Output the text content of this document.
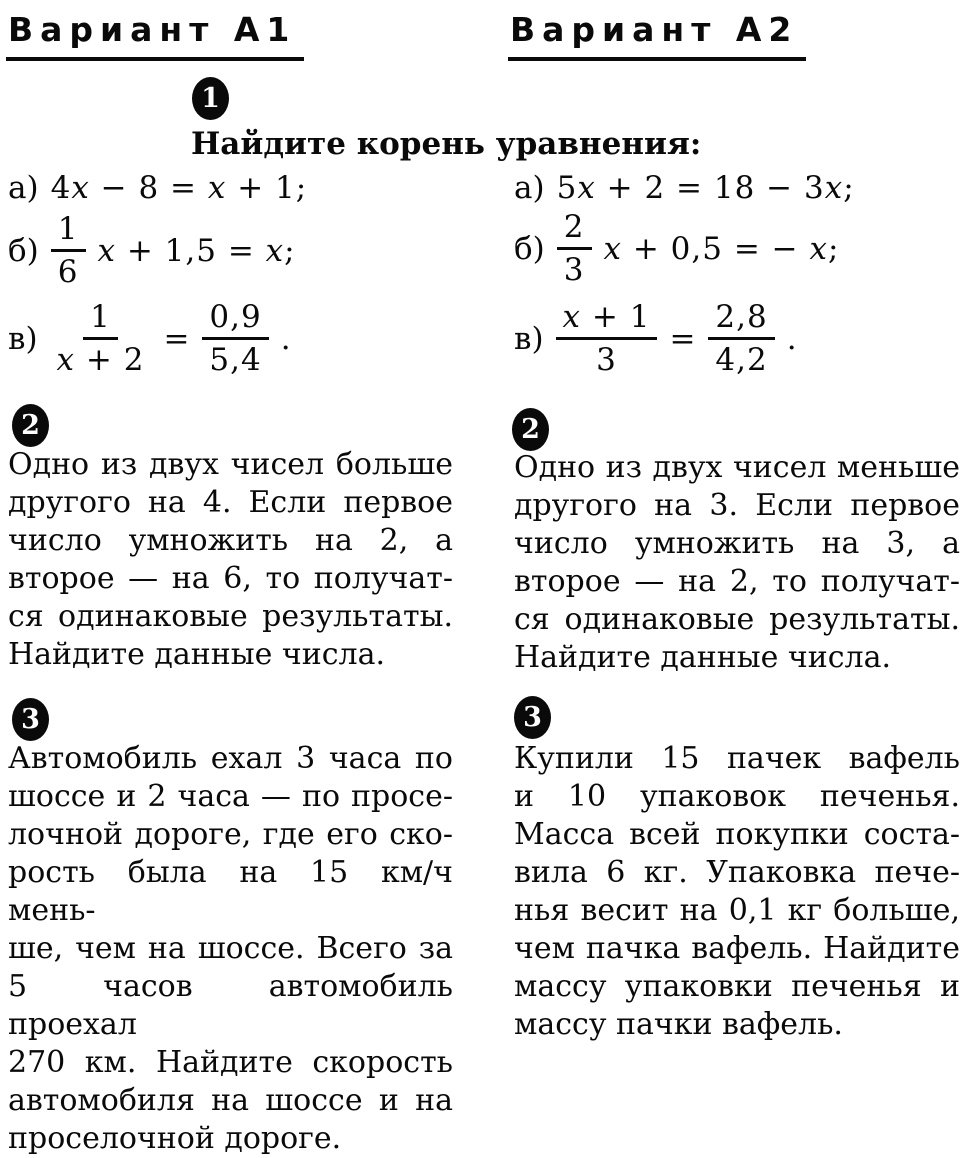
Вариант А1	Вариант А2
1
Найдите корень уравнения:
а) 4x − 8 = x + 1;
$б) \frac{1}{6}$ x + 1,5 = x;
$в) \frac{1}{x + 2} = \frac{0,9}{5,4}$ .
а) 5x + 2 = 18 − 3x;
$б) \frac{2}{3}$ x + 0,5 = − x;
$в) \frac{x + 1}{3} = \frac{2,8}{4,2}$ .
2	2
Одно из двух чисел больше
другого на 4. Если первое
число умножить на 2, а
второе — на 6, то получат-
ся одинаковые результаты.
Найдите данные числа.
Одно из двух чисел меньше
другого на 3. Если первое
число умножить на 3, а
второе — на 2, то получат-
ся одинаковые результаты.
Найдите данные числа.
3	3
Автомобиль ехал 3 часа по
шоссе и 2 часа — по просе-
лочной дороге, где его ско-
рость была на 15 км/ч мень-
ше, чем на шоссе. Всего за
5 часов автомобиль проехал
270 км. Найдите скорость
автомобиля на шоссе и на
проселочной дороге.
Купили 15 пачек вафель
и 10 упаковок печенья.
Масса всей покупки соста-
вила 6 кг. Упаковка пече-
нья весит на 0,1 кг больше,
чем пачка вафель. Найдите
массу упаковки печенья и
массу пачки вафель.
